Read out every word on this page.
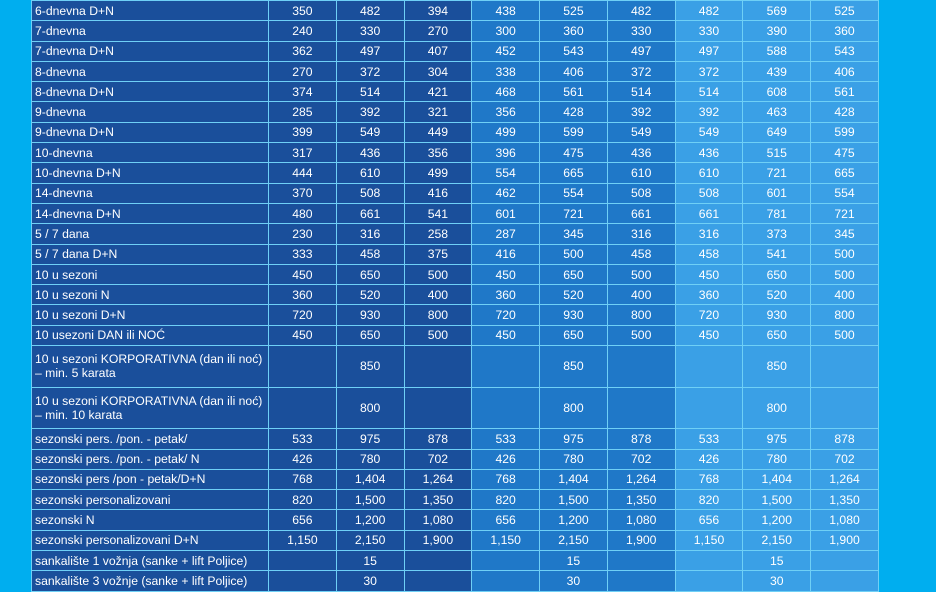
6-dnevna D+N	350	482	394	438	525	482	482	569	525
7-dnevna	240	330	270	300	360	330	330	390	360
7-dnevna D+N	362	497	407	452	543	497	497	588	543
8-dnevna	270	372	304	338	406	372	372	439	406
8-dnevna D+N	374	514	421	468	561	514	514	608	561
9-dnevna	285	392	321	356	428	392	392	463	428
9-dnevna D+N	399	549	449	499	599	549	549	649	599
10-dnevna	317	436	356	396	475	436	436	515	475
10-dnevna D+N	444	610	499	554	665	610	610	721	665
14-dnevna	370	508	416	462	554	508	508	601	554
14-dnevna D+N	480	661	541	601	721	661	661	781	721
5 / 7 dana	230	316	258	287	345	316	316	373	345
5 / 7 dana D+N	333	458	375	416	500	458	458	541	500
10 u sezoni	450	650	500	450	650	500	450	650	500
10 u sezoni N	360	520	400	360	520	400	360	520	400
10 u sezoni D+N	720	930	800	720	930	800	720	930	800
10 usezoni DAN ili NOĆ	450	650	500	450	650	500	450	650	500
10 u sezoni KORPORATIVNA (dan ili noć) – min. 5 karata		850			850			850	
10 u sezoni KORPORATIVNA (dan ili noć) – min. 10 karata		800			800			800	
sezonski pers. /pon. - petak/	533	975	878	533	975	878	533	975	878
sezonski pers. /pon. - petak/ N	426	780	702	426	780	702	426	780	702
sezonski pers /pon - petak/D+N	768	1,404	1,264	768	1,404	1,264	768	1,404	1,264
sezonski personalizovani	820	1,500	1,350	820	1,500	1,350	820	1,500	1,350
sezonski N	656	1,200	1,080	656	1,200	1,080	656	1,200	1,080
sezonski personalizovani D+N	1,150	2,150	1,900	1,150	2,150	1,900	1,150	2,150	1,900
sankalište 1 vožnja (sanke + lift Poljice)		15			15			15	
sankalište 3 vožnje (sanke + lift Poljice)		30			30			30	
